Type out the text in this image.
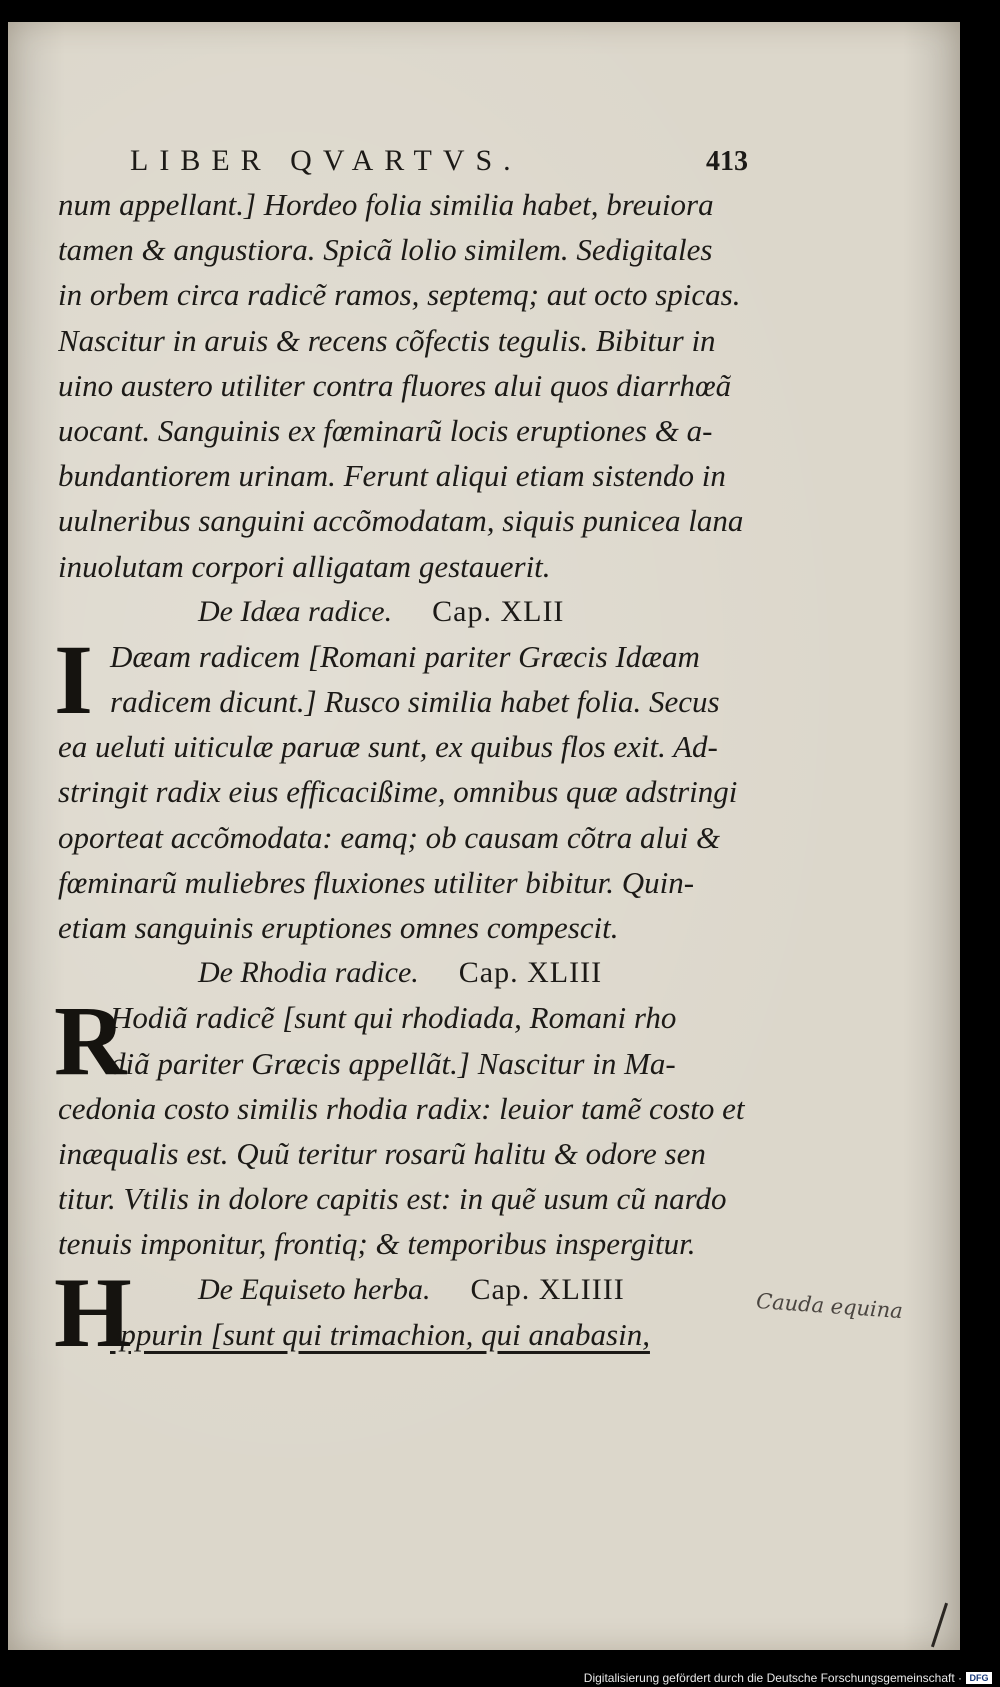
LIBER QVARTVS.	413
num appellant.] Hordeo folia similia habet, breuiora
tamen & angustiora. Spicã lolio similem. Sedigitales
in orbem circa radicẽ ramos, septemq; aut octo spicas.
Nascitur in aruis & recens cõfectis tegulis. Bibitur in
uino austero utiliter contra fluores alui quos diarrhœã
uocant. Sanguinis ex fœminarũ locis eruptiones & a-
bundantiorem urinam. Ferunt aliqui etiam sistendo in
uulneribus sanguini accõmodatam, siquis punicea lana
inuolutam corpori alligatam gestauerit.
De Idæa radice. Cap. XLII
I Dæam radicem [Romani pariter Græcis Idæam
radicem dicunt.] Rusco similia habet folia. Secus
ea ueluti uiticulæ paruæ sunt, ex quibus flos exit. Ad-
stringit radix eius efficacißime, omnibus quæ adstringi
oporteat accõmodata: eamq; ob causam cõtra alui &
fœminarũ muliebres fluxiones utiliter bibitur. Quin-
etiam sanguinis eruptiones omnes compescit.
De Rhodia radice. Cap. XLIII
R
Hodiã radicẽ [sunt qui rhodiada, Romani rho
diã pariter Græcis appellãt.] Nascitur in Ma-
cedonia costo similis rhodia radix: leuior tamẽ costo et
inæqualis est. Quũ teritur rosarũ halitu & odore sen
titur. Vtilis in dolore capitis est: in quẽ usum cũ nardo
tenuis imponitur, frontiq; & temporibus inspergitur.
H	De Equiseto herba. Cap. XLIIII
Ippurin [sunt qui trimachion, qui anabasin,
Cauda equina
Digitalisierung gefördert durch die Deutsche Forschungsgemeinschaft · DFG
